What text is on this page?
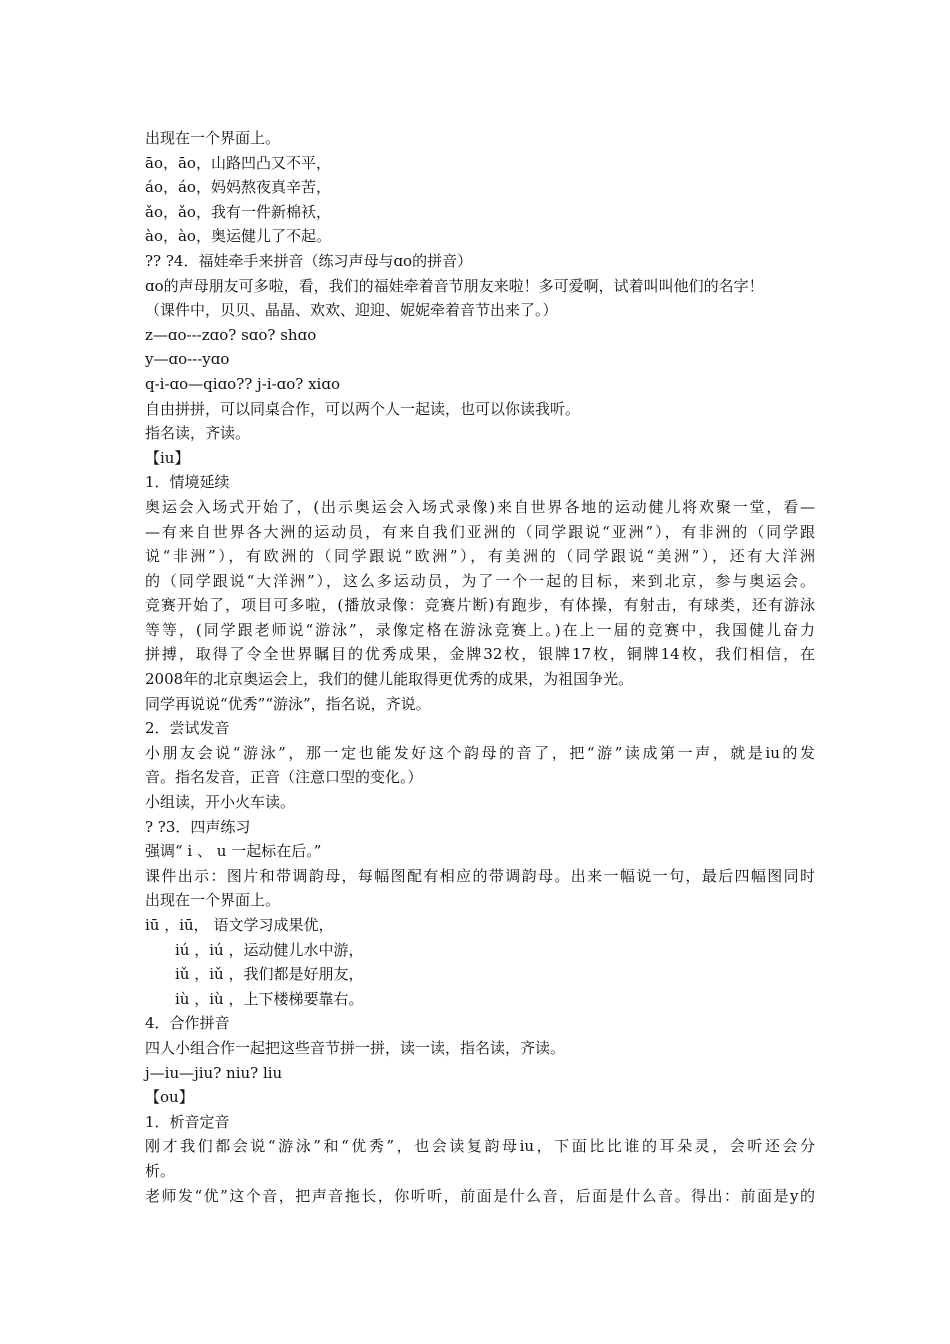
出现在一个界面上。
āo，āo，山路凹凸又不平，
áo，áo，妈妈熬夜真辛苦，
ǎo，ǎo，我有一件新棉袄，
ào，ào，奥运健儿了不起。
?? ?4．福娃牵手来拼音（练习声母与ɑo的拼音）
ɑo的声母朋友可多啦，看，我们的福娃牵着音节朋友来啦！多可爱啊，试着叫叫他们的名字！
（课件中，贝贝、晶晶、欢欢、迎迎、妮妮牵着音节出来了。）
z—ɑo---zɑo? sɑo? shɑo
y—ɑo---yɑo
q-i-ɑo—qiɑo?? j-i-ɑo? xiɑo
自由拼拼，可以同桌合作，可以两个人一起读，也可以你读我听。
指名读，齐读。
【iu】
1．情境延续
奥运会入场式开始了，(出示奥运会入场式录像)来自世界各地的运动健儿将欢聚一堂，看—
—有来自世界各大洲的运动员，有来自我们亚洲的（同学跟说“亚洲”），有非洲的（同学跟
说“非洲”），有欧洲的（同学跟说“欧洲”），有美洲的（同学跟说“美洲”），还有大洋洲
的（同学跟说“大洋洲”），这么多运动员，为了一个一起的目标，来到北京，参与奥运会。
竞赛开始了，项目可多啦，(播放录像：竞赛片断)有跑步，有体操，有射击，有球类，还有游泳
等等，(同学跟老师说“游泳”，录像定格在游泳竞赛上。)在上一届的竞赛中，我国健儿奋力
拼搏，取得了令全世界瞩目的优秀成果，金牌32枚，银牌17枚，铜牌14枚，我们相信，在
2008年的北京奥运会上，我们的健儿能取得更优秀的成果，为祖国争光。
同学再说说“优秀”“游泳”，指名说，齐说。
2．尝试发音
小朋友会说“游泳”，那一定也能发好这个韵母的音了，把“游”读成第一声，就是iu的发
音。指名发音，正音（注意口型的变化。）
小组读，开小火车读。
? ?3．四声练习
强调“ i 、 u 一起标在后。”
课件出示：图片和带调韵母，每幅图配有相应的带调韵母。出来一幅说一句，最后四幅图同时
出现在一个界面上。
iū ，iū， 语文学习成果优，
iú ，iú ，运动健儿水中游，
iǔ ，iǔ ，我们都是好朋友，
iù ，iù ，上下楼梯要靠右。
4．合作拼音
四人小组合作一起把这些音节拼一拼，读一读，指名读，齐读。
j—iu—jiu? niu? liu
【ou】
1．析音定音
刚才我们都会说“游泳”和“优秀”，也会读复韵母iu，下面比比谁的耳朵灵，会听还会分
析。
老师发“优”这个音，把声音拖长，你听听，前面是什么音，后面是什么音。得出：前面是y的
